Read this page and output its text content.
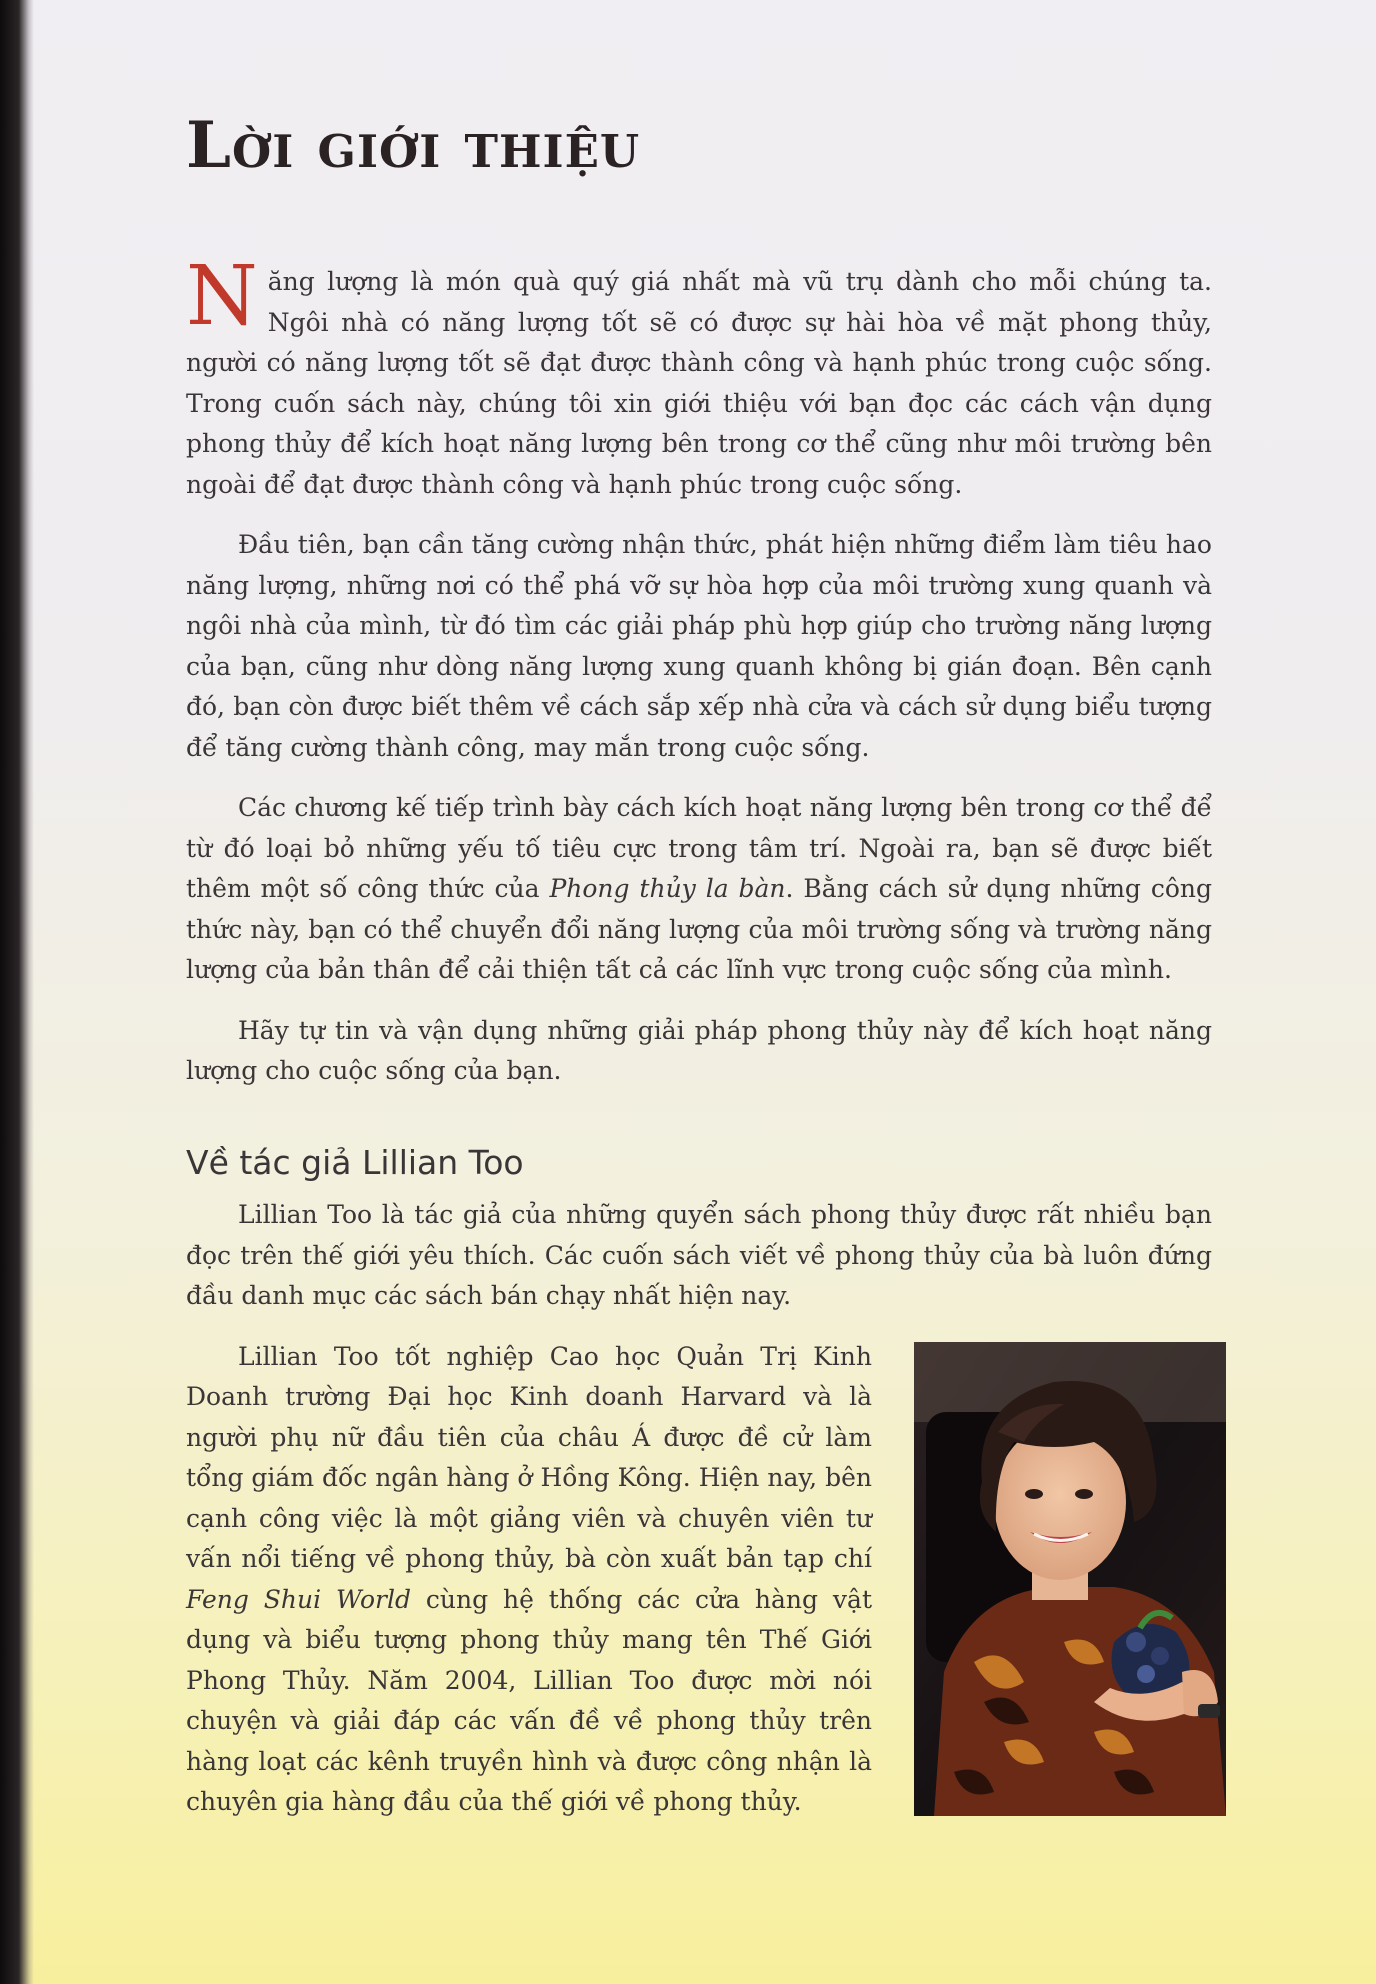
Lời giới thiệu

Năng lượng là món quà quý giá nhất mà vũ trụ dành cho mỗi chúng ta. Ngôi nhà có năng lượng tốt sẽ có được sự hài hòa về mặt phong thủy, người có năng lượng tốt sẽ đạt được thành công và hạnh phúc trong cuộc sống. Trong cuốn sách này, chúng tôi xin giới thiệu với bạn đọc các cách vận dụng phong thủy để kích hoạt năng lượng bên trong cơ thể cũng như môi trường bên ngoài để đạt được thành công và hạnh phúc trong cuộc sống.

Đầu tiên, bạn cần tăng cường nhận thức, phát hiện những điểm làm tiêu hao năng lượng, những nơi có thể phá vỡ sự hòa hợp của môi trường xung quanh và ngôi nhà của mình, từ đó tìm các giải pháp phù hợp giúp cho trường năng lượng của bạn, cũng như dòng năng lượng xung quanh không bị gián đoạn. Bên cạnh đó, bạn còn được biết thêm về cách sắp xếp nhà cửa và cách sử dụng biểu tượng để tăng cường thành công, may mắn trong cuộc sống.

Các chương kế tiếp trình bày cách kích hoạt năng lượng bên trong cơ thể để từ đó loại bỏ những yếu tố tiêu cực trong tâm trí. Ngoài ra, bạn sẽ được biết thêm một số công thức của Phong thủy la bàn. Bằng cách sử dụng những công thức này, bạn có thể chuyển đổi năng lượng của môi trường sống và trường năng lượng của bản thân để cải thiện tất cả các lĩnh vực trong cuộc sống của mình.

Hãy tự tin và vận dụng những giải pháp phong thủy này để kích hoạt năng lượng cho cuộc sống của bạn.

Về tác giả Lillian Too

Lillian Too là tác giả của những quyển sách phong thủy được rất nhiều bạn đọc trên thế giới yêu thích. Các cuốn sách viết về phong thủy của bà luôn đứng đầu danh mục các sách bán chạy nhất hiện nay.

Lillian Too tốt nghiệp Cao học Quản Trị Kinh Doanh trường Đại học Kinh doanh Harvard và là người phụ nữ đầu tiên của châu Á được đề cử làm tổng giám đốc ngân hàng ở Hồng Kông. Hiện nay, bên cạnh công việc là một giảng viên và chuyên viên tư vấn nổi tiếng về phong thủy, bà còn xuất bản tạp chí Feng Shui World cùng hệ thống các cửa hàng vật dụng và biểu tượng phong thủy mang tên Thế Giới Phong Thủy. Năm 2004, Lillian Too được mời nói chuyện và giải đáp các vấn đề về phong thủy trên hàng loạt các kênh truyền hình và được công nhận là chuyên gia hàng đầu của thế giới về phong thủy.
